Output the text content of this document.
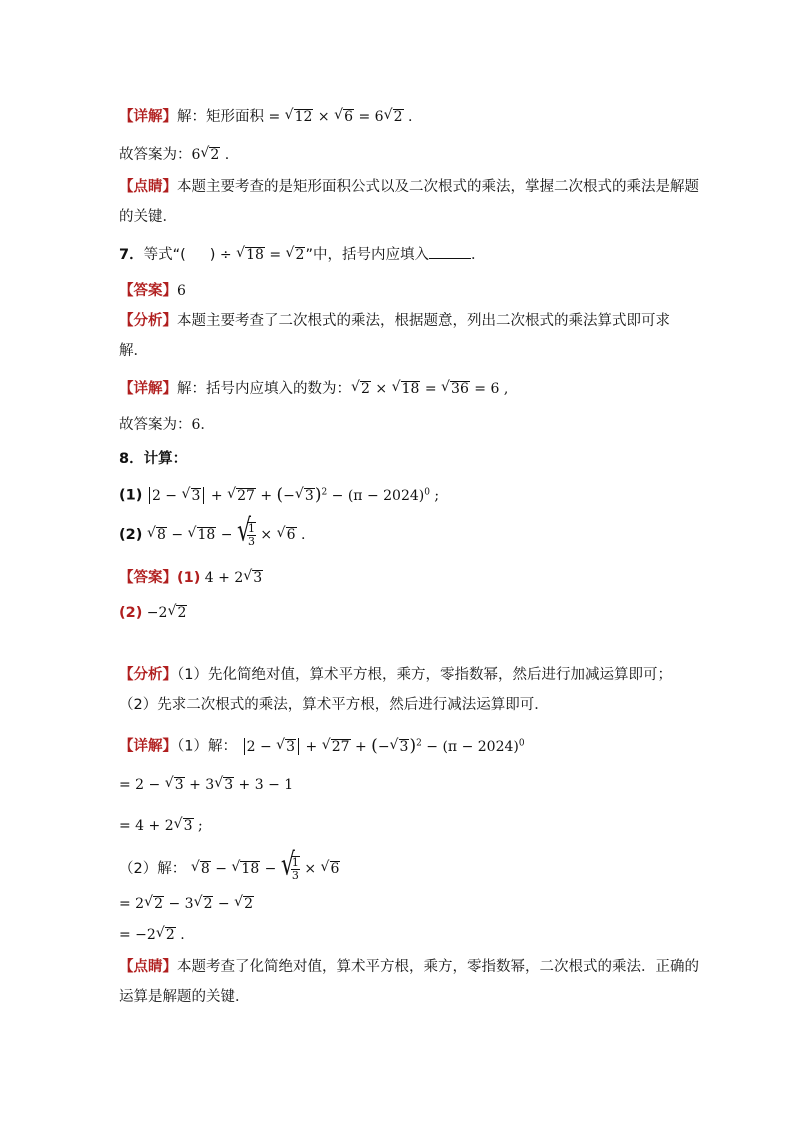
【详解】解：矩形面积 = √ 12 × √ 6 = 6 √ 2 .
故答案为：6 √ 2 .
【点睛】本题主要考查的是矩形面积公式以及二次根式的乘法，掌握二次根式的乘法是解题
的关键．
7．等式“( ) ÷ √ 18 = √ 2”中，括号内应填入	．
【答案】6
【分析】本题主要考查了二次根式的乘法，根据题意，列出二次根式的乘法算式即可求
解．
【详解】解：括号内应填入的数为： √ 2 × √ 18 = √ 36 = 6 ,
故答案为：6．
8．计算：
(1) 2 − √ 3 + √ 27 + (− √ $3)^2 - (\pi - 2024)^0$ ;
(2) √ 8 − √ 18 − √ $\frac{1}{3}$ × √ 6 .
【答案】(1) 4 + 2 √ 3
(2) −2 √ 2
【分析】（1）先化简绝对值，算术平方根，乘方，零指数幂，然后进行加减运算即可；
（2）先求二次根式的乘法，算术平方根，然后进行减法运算即可．
【详解】（1）解： 2 − √ 3 + √ 27 + (− √ $3)^2 - (\pi - 2024)^0$
= 2 − √ 3 + 3 √ 3 + 3 − 1
= 4 + 2 √ 3 ;
（2）解： √ 8 − √ 18 − √ $\frac{1}{3}$ × √ 6
= 2 √ 2 − 3 √ 2 − √ 2
= −2 √ 2 .
【点睛】本题考查了化简绝对值，算术平方根，乘方，零指数幂，二次根式的乘法．正确的
运算是解题的关键．
